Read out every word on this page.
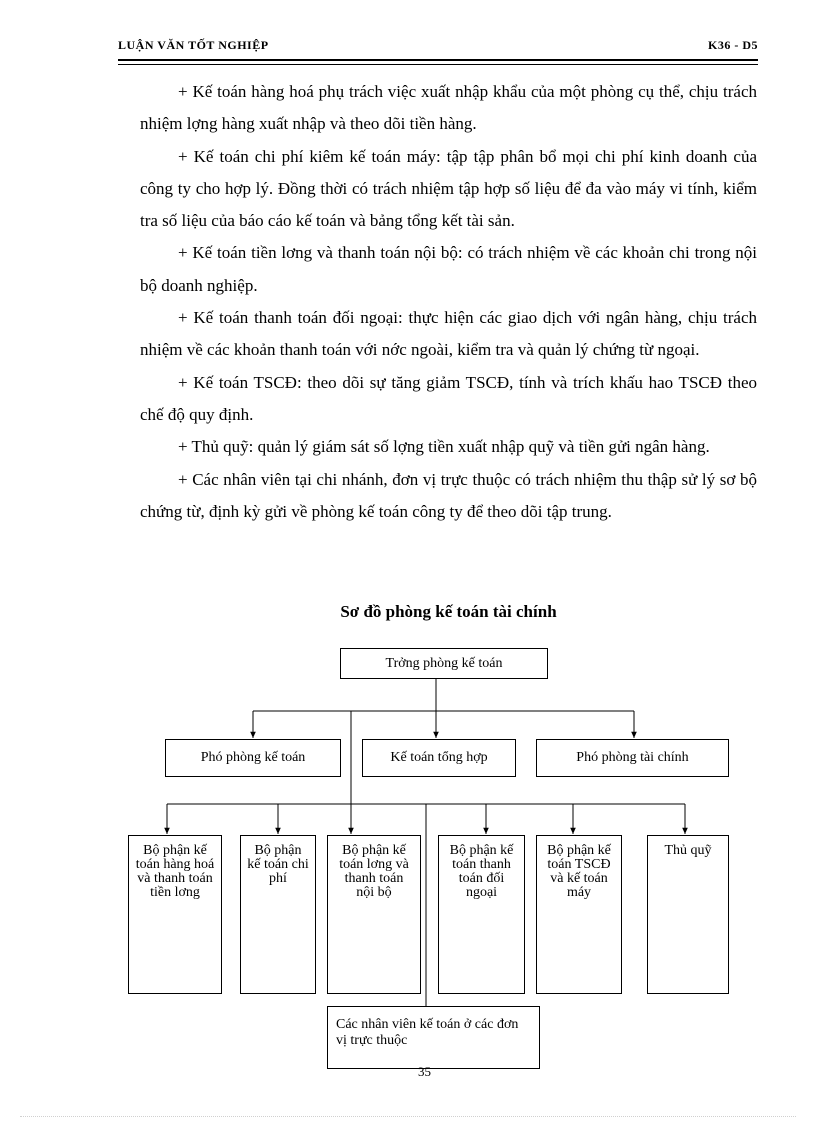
LUẬN VĂN TỐT NGHIỆP	K36 - D5

+ Kế toán hàng hoá phụ trách việc xuất nhập khẩu của một phòng cụ thể, chịu trách nhiệm lợng hàng xuất nhập và theo dõi tiền hàng.

+ Kế toán chi phí kiêm kế toán máy: tập tập phân bổ mọi chi phí kinh doanh của công ty cho hợp lý. Đồng thời có trách nhiệm tập hợp số liệu để đa vào máy vi tính, kiểm tra số liệu của báo cáo kế toán và bảng tổng kết tài sản.

+ Kế toán tiền lơng và thanh toán nội bộ: có trách nhiệm về các khoản chi trong nội bộ doanh nghiệp.

+ Kế toán thanh toán đối ngoại: thực hiện các giao dịch với ngân hàng, chịu trách nhiệm về các khoản thanh toán với nớc ngoài, kiểm tra và quản lý chứng từ ngoại.

+ Kế toán TSCĐ: theo dõi sự tăng giảm TSCĐ, tính và trích khấu hao TSCĐ theo chế độ quy định.

+ Thủ quỹ: quản lý giám sát số lợng tiền xuất nhập quỹ và tiền gửi ngân hàng.

+ Các nhân viên tại chi nhánh, đơn vị trực thuộc có trách nhiệm thu thập sử lý sơ bộ chứng từ, định kỳ gửi về phòng kế toán công ty để theo dõi tập trung.

Sơ đồ phòng kế toán tài chính
Trởng phòng kế toán
Phó phòng kế toán	Kế toán tổng hợp	Phó phòng tài chính
Bộ phận kế toán hàng hoá và thanh toán tiền lơng
Bộ phận kế toán chi phí
Bộ phận kế toán lơng và thanh toán nội bộ
Bộ phận kế toán thanh toán đối ngoại
Bộ phận kế toán TSCĐ và kế toán máy
Thủ quỹ
Các nhân viên kế toán ở các đơn vị trực thuộc
35
